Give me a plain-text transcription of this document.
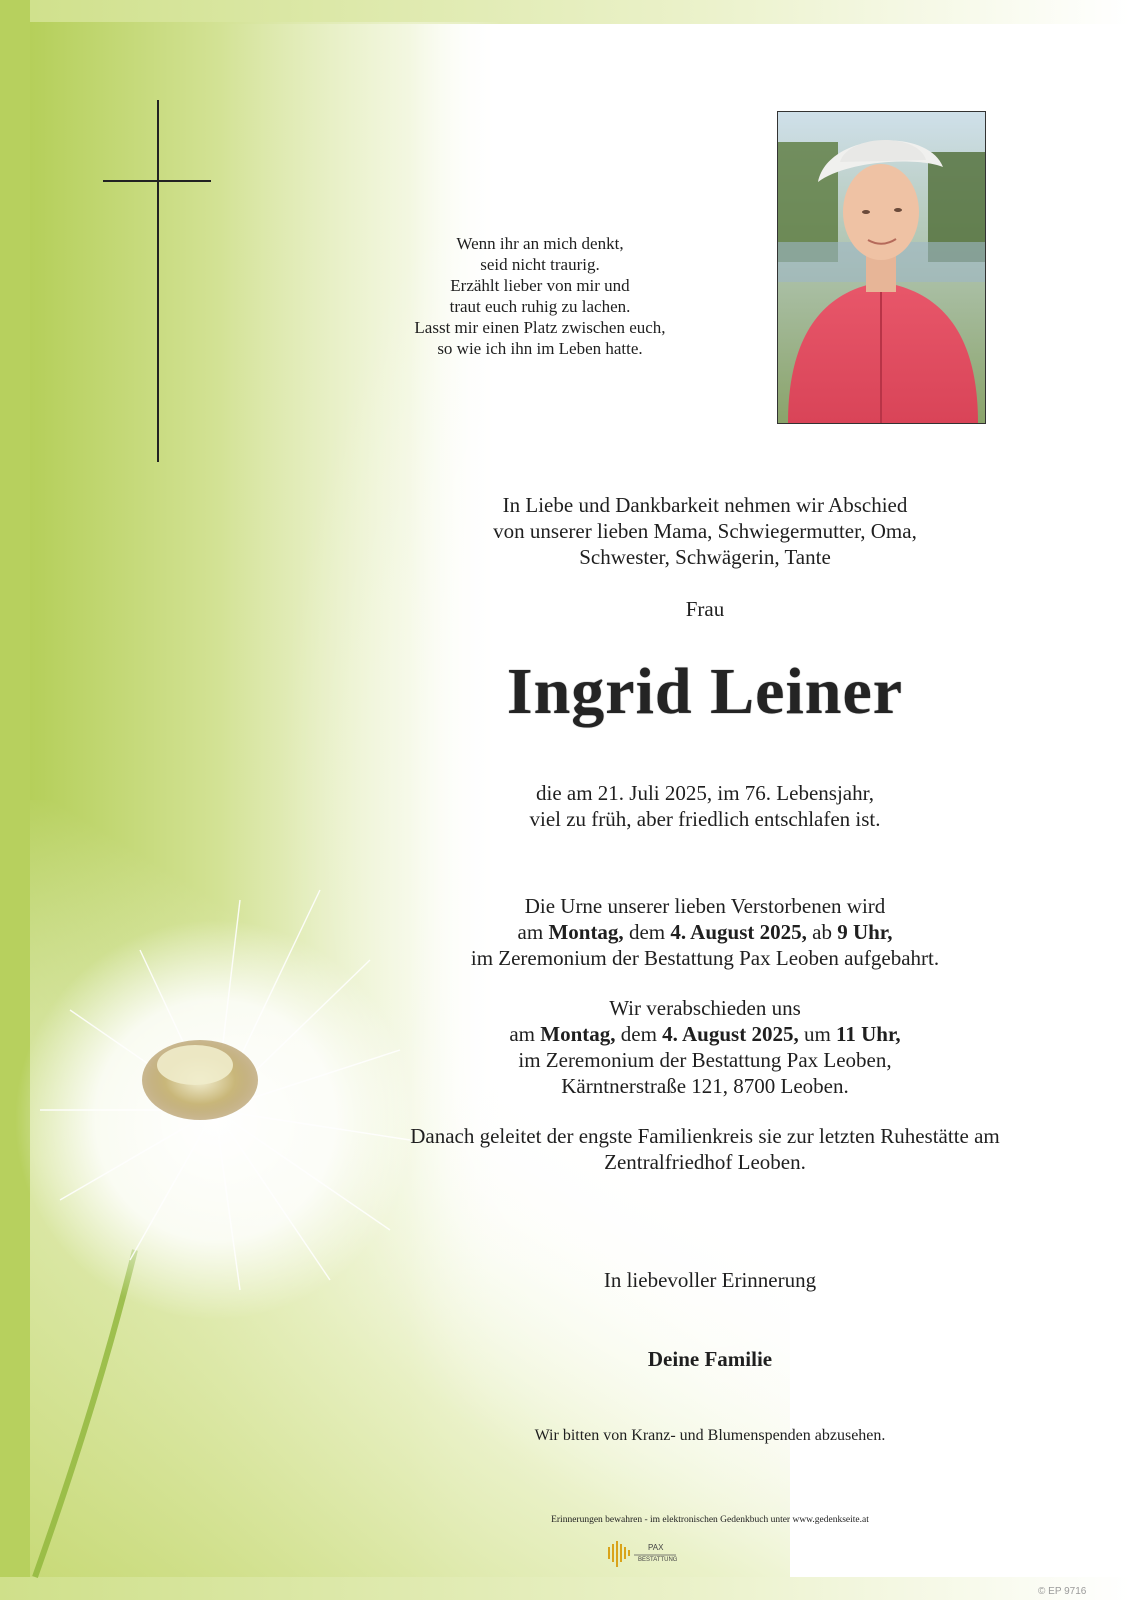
Wenn ihr an mich denkt,
seid nicht traurig.
Erzählt lieber von mir und
traut euch ruhig zu lachen.
Lasst mir einen Platz zwischen euch,
so wie ich ihn im Leben hatte.
In Liebe und Dankbarkeit nehmen wir Abschied
von unserer lieben Mama, Schwiegermutter, Oma,
Schwester, Schwägerin, Tante
Frau
Ingrid Leiner
die am 21. Juli 2025, im 76. Lebensjahr,
viel zu früh, aber friedlich entschlafen ist.
Die Urne unserer lieben Verstorbenen wird
am Montag, dem 4. August 2025, ab 9 Uhr,
im Zeremonium der Bestattung Pax Leoben aufgebahrt.
Wir verabschieden uns
am Montag, dem 4. August 2025, um 11 Uhr,
im Zeremonium der Bestattung Pax Leoben,
Kärntnerstraße 121, 8700 Leoben.
Danach geleitet der engste Familienkreis sie zur letzten Ruhestätte am
Zentralfriedhof Leoben.
In liebevoller Erinnerung
Deine Familie
Wir bitten von Kranz- und Blumenspenden abzusehen.
Erinnerungen bewahren - im elektronischen Gedenkbuch unter www.gedenkseite.at
PAX
BESTATTUNG
© EP 9716
